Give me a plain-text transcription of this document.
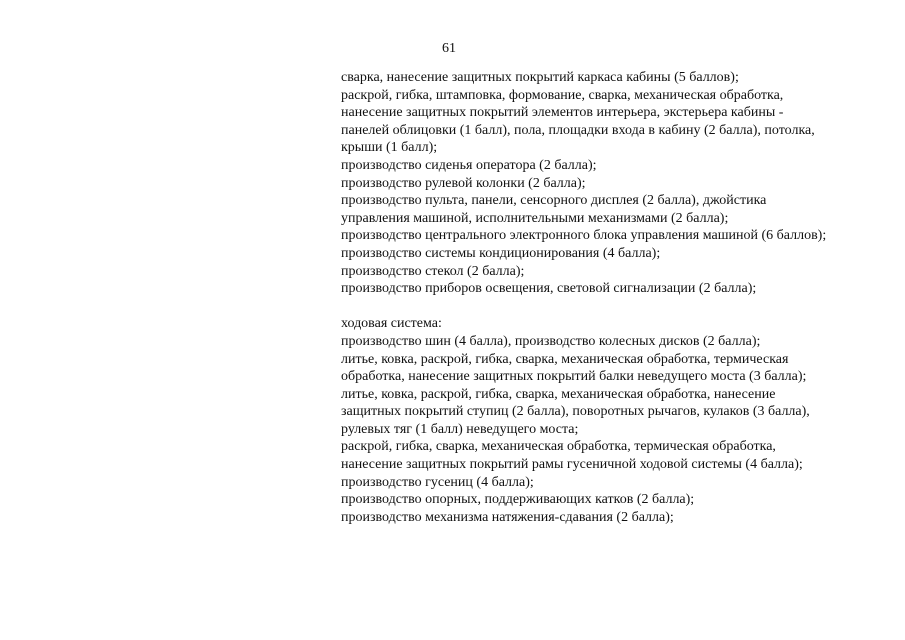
61
сварка, нанесение защитных покрытий каркаса кабины (5 баллов);
раскрой, гибка, штамповка, формование, сварка, механическая обработка,
нанесение защитных покрытий элементов интерьера, экстерьера кабины -
панелей облицовки (1 балл), пола, площадки входа в кабину (2 балла), потолка,
крыши (1 балл);
производство сиденья оператора (2 балла);
производство рулевой колонки (2 балла);
производство пульта, панели, сенсорного дисплея (2 балла), джойстика
управления машиной, исполнительными механизмами (2 балла);
производство центрального электронного блока управления машиной (6 баллов);
производство системы кондиционирования (4 балла);
производство стекол (2 балла);
производство приборов освещения, световой сигнализации (2 балла);
ходовая система:
производство шин (4 балла), производство колесных дисков (2 балла);
литье, ковка, раскрой, гибка, сварка, механическая обработка, термическая
обработка, нанесение защитных покрытий балки неведущего моста (3 балла);
литье, ковка, раскрой, гибка, сварка, механическая обработка, нанесение
защитных покрытий ступиц (2 балла), поворотных рычагов, кулаков (3 балла),
рулевых тяг (1 балл) неведущего моста;
раскрой, гибка, сварка, механическая обработка, термическая обработка,
нанесение защитных покрытий рамы гусеничной ходовой системы (4 балла);
производство гусениц (4 балла);
производство опорных, поддерживающих катков (2 балла);
производство механизма натяжения-сдавания (2 балла);
